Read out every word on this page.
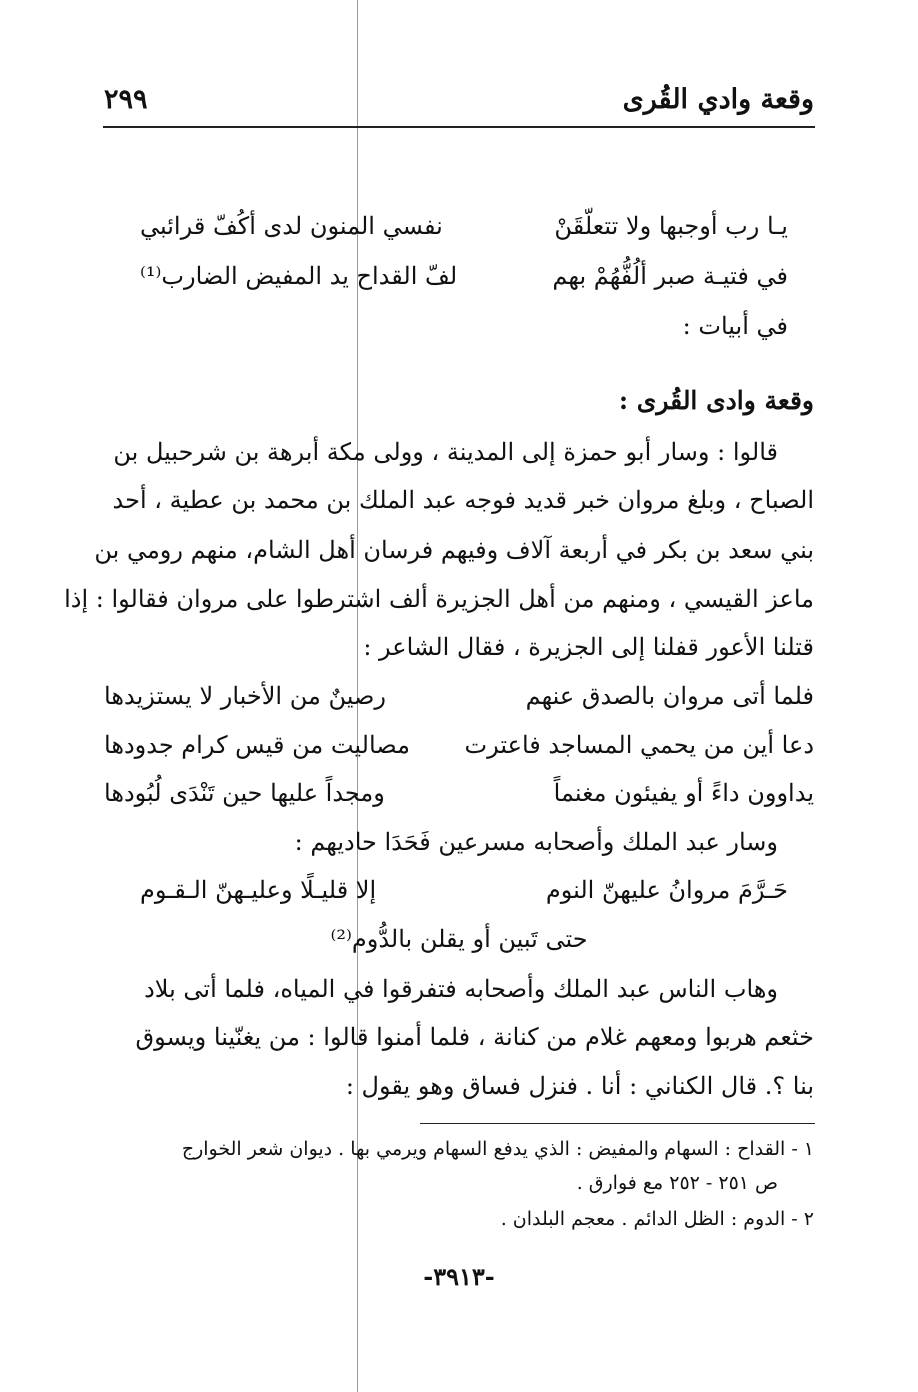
وقعة وادي القُرى
٢٩٩
يـا رب أوجبها ولا تتعلّقَنْ
نفسي المنون لدى أكُفّ قرائبي
في فتيـة صبر ألُفُّهُمْ بهم
لفّ القداح يد المفيض الضارب⁽¹⁾
في أبيات :
وقعة وادى القُرى :
قالوا : وسار أبو حمزة إلى المدينة ، وولى مكة أبرهة بن شرحبيل بن
الصباح ، وبلغ مروان خبر قديد فوجه عبد الملك بن محمد بن عطية ، أحد
بني سعد بن بكر في أربعة آلاف وفيهم فرسان أهل الشام، منهم رومي بن
ماعز القيسي ، ومنهم من أهل الجزيرة ألف اشترطوا على مروان فقالوا : إذا
قتلنا الأعور قفلنا إلى الجزيرة ، فقال الشاعر :
فلما أتى مروان بالصدق عنهم
رصينٌ من الأخبار لا يستزيدها
دعا أين من يحمي المساجد فاعترت
مصاليت من قيس كرام جدودها
يداوون داءً أو يفيئون مغنماً
ومجداً عليها حين تَنْدَى لُبُودها
وسار عبد الملك وأصحابه مسرعين فَحَدَا حاديهم :
حَـرَّمَ مروانُ عليهنّ النوم
إلا قليـلًا وعليـهنّ الـقـوم
حتى تَبين أو يقلن بالدُّوم⁽²⁾
وهاب الناس عبد الملك وأصحابه فتفرقوا في المياه، فلما أتى بلاد
خثعم هربوا ومعهم غلام من كنانة ، فلما أمنوا قالوا : من يغنّينا ويسوق
بنا ؟. قال الكناني : أنا . فنزل فساق وهو يقول :
١ - القداح : السهام والمفيض : الذي يدفع السهام ويرمي بها . ديوان شعر الخوارج
ص ٢٥١ - ٢٥٢ مع فوارق .
٢ - الدوم : الظل الدائم . معجم البلدان .
-٣٩١٣-
